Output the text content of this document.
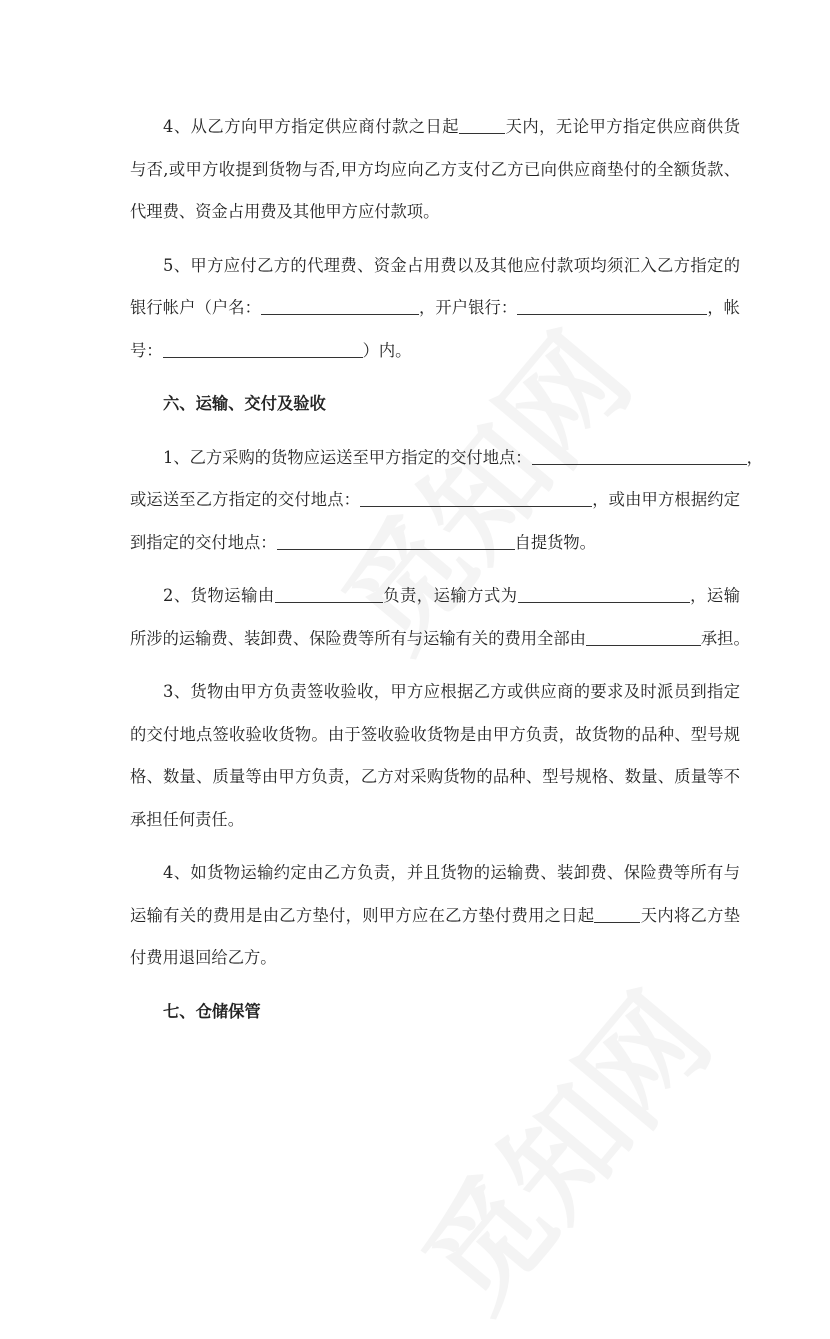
4、从乙方向甲方指定供应商付款之日起	天内，无论甲方指定供应商供货
与否,或甲方收提到货物与否,甲方均应向乙方支付乙方已向供应商垫付的全额货款、
代理费、资金占用费及其他甲方应付款项。
5、甲方应付乙方的代理费、资金占用费以及其他应付款项均须汇入乙方指定的
银行帐户（户名：	，开户银行：	，帐
号：	）内。
六、运输、交付及验收
1、乙方采购的货物应运送至甲方指定的交付地点：	，
或运送至乙方指定的交付地点：	，或由甲方根据约定
到指定的交付地点：	自提货物。
2、货物运输由	负责，运输方式为	，运输
所涉的运输费、装卸费、保险费等所有与运输有关的费用全部由	承担。
3、货物由甲方负责签收验收，甲方应根据乙方或供应商的要求及时派员到指定
的交付地点签收验收货物。由于签收验收货物是由甲方负责，故货物的品种、型号规
格、数量、质量等由甲方负责，乙方对采购货物的品种、型号规格、数量、质量等不
承担任何责任。
4、如货物运输约定由乙方负责，并且货物的运输费、装卸费、保险费等所有与
运输有关的费用是由乙方垫付，则甲方应在乙方垫付费用之日起	天内将乙方垫
付费用退回给乙方。
七、仓储保管
